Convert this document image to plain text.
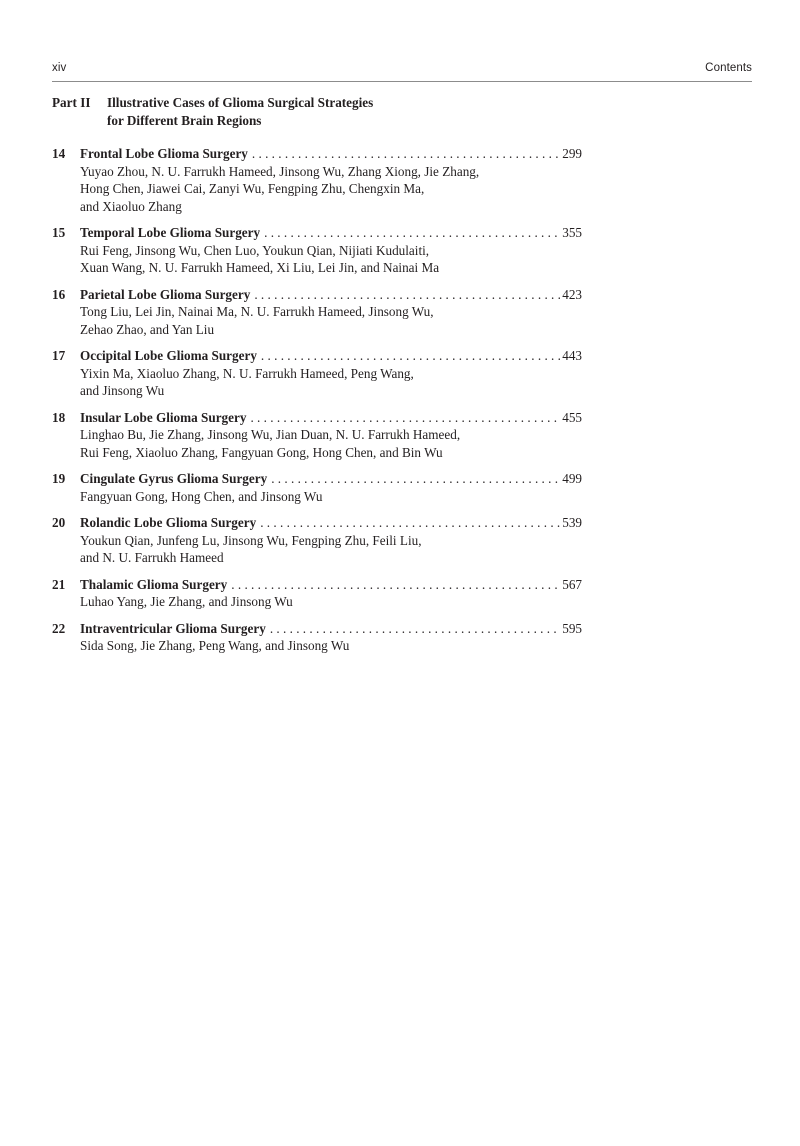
xiv	Contents
Part II Illustrative Cases of Glioma Surgical Strategies
for Different Brain Regions
14 Frontal Lobe Glioma Surgery . . .	299
Yuyao Zhou, N. U. Farrukh Hameed, Jinsong Wu, Zhang Xiong, Jie Zhang,
Hong Chen, Jiawei Cai, Zanyi Wu, Fengping Zhu, Chengxin Ma,
and Xiaoluo Zhang
15 Temporal Lobe Glioma Surgery . . .	355
Rui Feng, Jinsong Wu, Chen Luo, Youkun Qian, Nijiati Kudulaiti,
Xuan Wang, N. U. Farrukh Hameed, Xi Liu, Lei Jin, and Nainai Ma
16 Parietal Lobe Glioma Surgery . . .	423
Tong Liu, Lei Jin, Nainai Ma, N. U. Farrukh Hameed, Jinsong Wu,
Zehao Zhao, and Yan Liu
17 Occipital Lobe Glioma Surgery . . .	443
Yixin Ma, Xiaoluo Zhang, N. U. Farrukh Hameed, Peng Wang,
and Jinsong Wu
18 Insular Lobe Glioma Surgery . . .	455
Linghao Bu, Jie Zhang, Jinsong Wu, Jian Duan, N. U. Farrukh Hameed,
Rui Feng, Xiaoluo Zhang, Fangyuan Gong, Hong Chen, and Bin Wu
19 Cingulate Gyrus Glioma Surgery . . .	499
Fangyuan Gong, Hong Chen, and Jinsong Wu
20 Rolandic Lobe Glioma Surgery . . .	539
Youkun Qian, Junfeng Lu, Jinsong Wu, Fengping Zhu, Feili Liu,
and N. U. Farrukh Hameed
21 Thalamic Glioma Surgery . . .	567
Luhao Yang, Jie Zhang, and Jinsong Wu
22 Intraventricular Glioma Surgery . . .	595
Sida Song, Jie Zhang, Peng Wang, and Jinsong Wu
